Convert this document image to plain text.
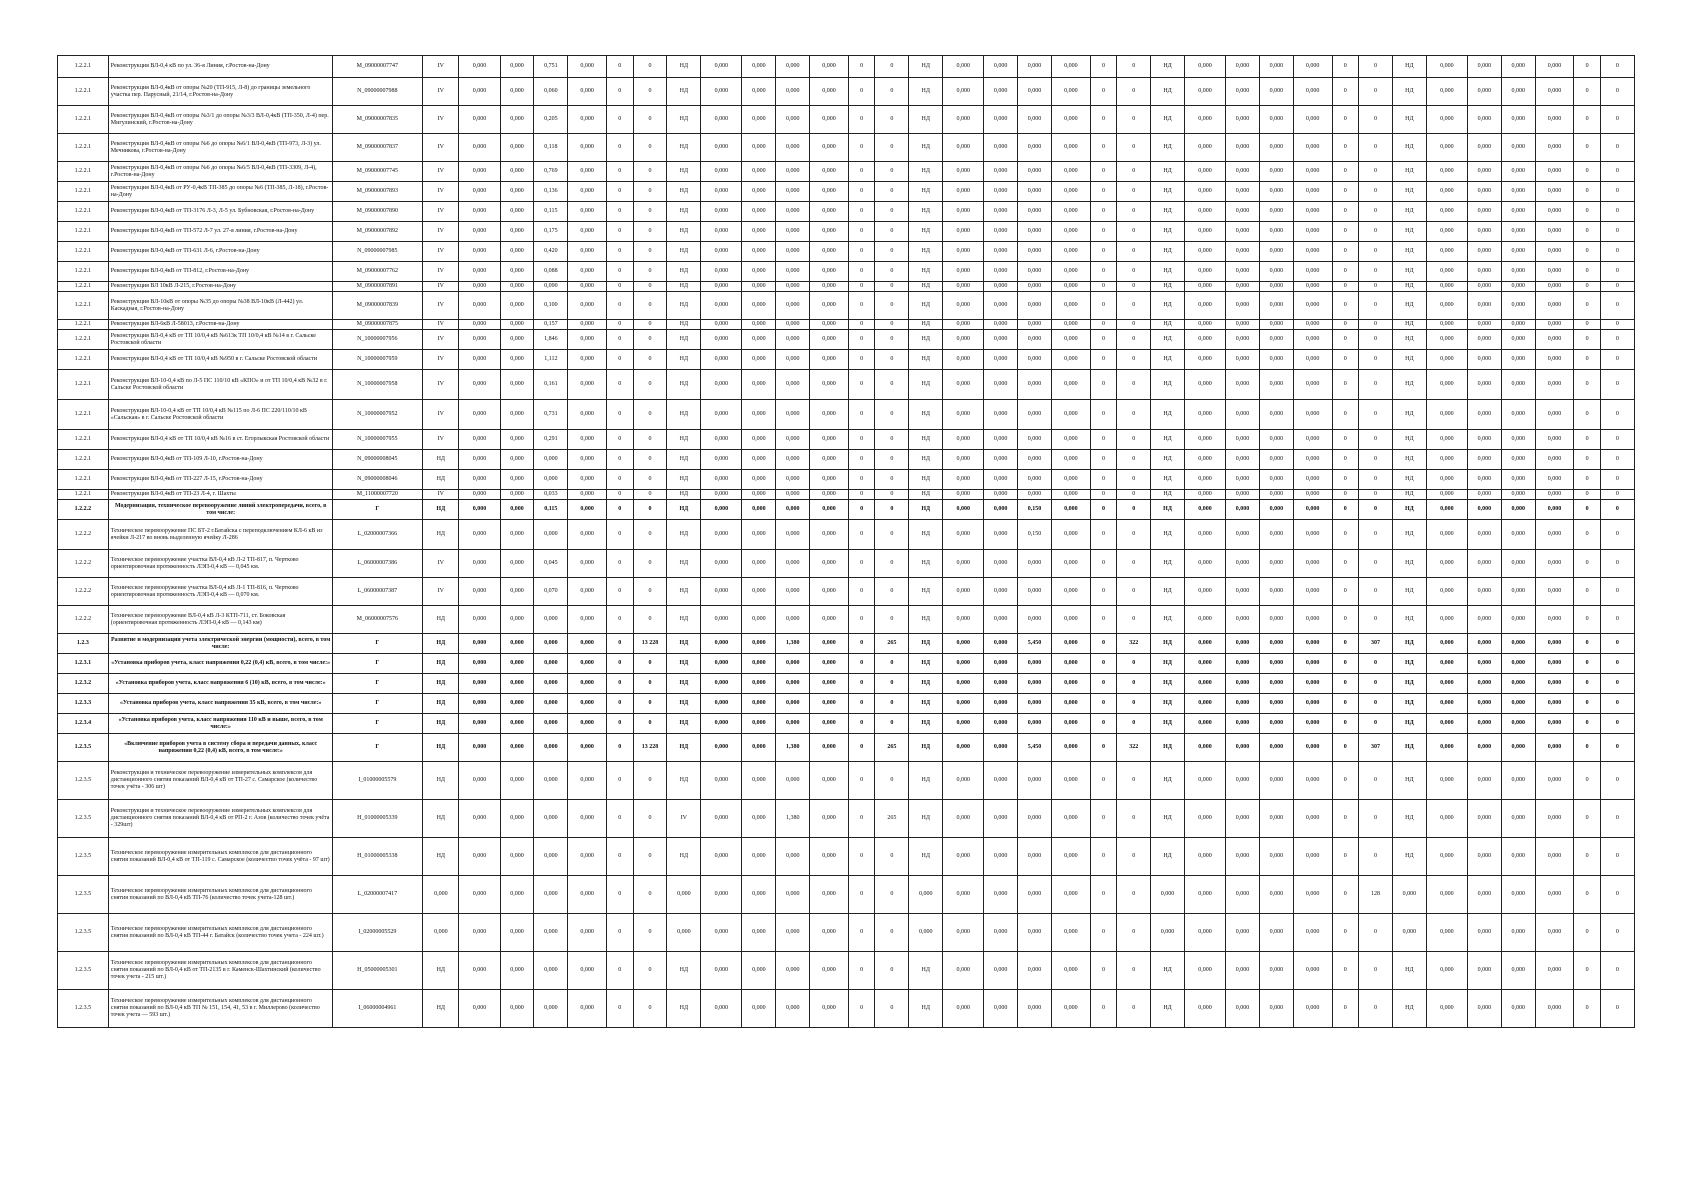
1.2.2.1	Реконструкция ВЛ-0,4 кВ по ул. 36-я Линия, г.Ростов-на-Дону	M_09000007747	IV	0,000	0,000	0,751	0,000	0	0	НД	0,000	0,000	0,000	0,000	0	0	НД	0,000	0,000	0,000	0,000	0	0	НД	0,000	0,000	0,000	0,000	0	0	НД	0,000	0,000	0,000	0,000	0	0
1.2.2.1	Реконструкция ВЛ-0,4кВ от опоры №20 (ТП-915, Л-8) до границы земельного участка пер. Парусный, 21/14, г.Ростов-на-Дону	N_09000007988	IV	0,000	0,000	0,060	0,000	0	0	НД	0,000	0,000	0,000	0,000	0	0	НД	0,000	0,000	0,000	0,000	0	0	НД	0,000	0,000	0,000	0,000	0	0	НД	0,000	0,000	0,000	0,000	0	0
1.2.2.1	Реконструкция ВЛ-0,4кВ от опоры №3/1 до опоры №3/3 ВЛ-0,4кВ (ТП-350, Л-4) пер. Мигулинский, г.Ростов-на-Дону	M_09000007835	IV	0,000	0,000	0,205	0,000	0	0	НД	0,000	0,000	0,000	0,000	0	0	НД	0,000	0,000	0,000	0,000	0	0	НД	0,000	0,000	0,000	0,000	0	0	НД	0,000	0,000	0,000	0,000	0	0
1.2.2.1	Реконструкция ВЛ-0,4кВ от опоры №6 до опоры №6/1 ВЛ-0,4кВ (ТП-973, Л-3) ул. Мечникова, г.Ростов-на-Дону	M_09000007837	IV	0,000	0,000	0,118	0,000	0	0	НД	0,000	0,000	0,000	0,000	0	0	НД	0,000	0,000	0,000	0,000	0	0	НД	0,000	0,000	0,000	0,000	0	0	НД	0,000	0,000	0,000	0,000	0	0
1.2.2.1	Реконструкция ВЛ-0,4кВ от опоры №6 до опоры №6/5 ВЛ-0,4кВ (ТП-3309, Л-4), г.Ростов-на-Дону	M_09000007745	IV	0,000	0,000	0,769	0,000	0	0	НД	0,000	0,000	0,000	0,000	0	0	НД	0,000	0,000	0,000	0,000	0	0	НД	0,000	0,000	0,000	0,000	0	0	НД	0,000	0,000	0,000	0,000	0	0
1.2.2.1	Реконструкция ВЛ-0,4кВ от РУ-0,4кВ ТП-385 до опоры №6 (ТП-385, Л-18), г.Ростов-на-Дону	M_09000007893	IV	0,000	0,000	0,136	0,000	0	0	НД	0,000	0,000	0,000	0,000	0	0	НД	0,000	0,000	0,000	0,000	0	0	НД	0,000	0,000	0,000	0,000	0	0	НД	0,000	0,000	0,000	0,000	0	0
1.2.2.1	Реконструкция ВЛ-0,4кВ от ТП-3176 Л-3, Л-5 ул. Бубновская, г.Ростов-на-Дону	M_09000007890	IV	0,000	0,000	0,115	0,000	0	0	НД	0,000	0,000	0,000	0,000	0	0	НД	0,000	0,000	0,000	0,000	0	0	НД	0,000	0,000	0,000	0,000	0	0	НД	0,000	0,000	0,000	0,000	0	0
1.2.2.1	Реконструкция ВЛ-0,4кВ от ТП-572 Л-7 ул. 27-я линия, г.Ростов-на-Дону	M_09000007892	IV	0,000	0,000	0,175	0,000	0	0	НД	0,000	0,000	0,000	0,000	0	0	НД	0,000	0,000	0,000	0,000	0	0	НД	0,000	0,000	0,000	0,000	0	0	НД	0,000	0,000	0,000	0,000	0	0
1.2.2.1	Реконструкция ВЛ-0,4кВ от ТП-631 Л-6, г.Ростов-на-Дону	N_09000007985	IV	0,000	0,000	0,420	0,000	0	0	НД	0,000	0,000	0,000	0,000	0	0	НД	0,000	0,000	0,000	0,000	0	0	НД	0,000	0,000	0,000	0,000	0	0	НД	0,000	0,000	0,000	0,000	0	0
1.2.2.1	Реконструкция ВЛ-0,4кВ от ТП-812, г.Ростов-на-Дону	M_09000007762	IV	0,000	0,000	0,088	0,000	0	0	НД	0,000	0,000	0,000	0,000	0	0	НД	0,000	0,000	0,000	0,000	0	0	НД	0,000	0,000	0,000	0,000	0	0	НД	0,000	0,000	0,000	0,000	0	0
1.2.2.1	Реконструкция ВЛ 10кВ Л-215, г.Ростов-на-Дону	M_09000007891	IV	0,000	0,000	0,090	0,000	0	0	НД	0,000	0,000	0,000	0,000	0	0	НД	0,000	0,000	0,000	0,000	0	0	НД	0,000	0,000	0,000	0,000	0	0	НД	0,000	0,000	0,000	0,000	0	0
1.2.2.1	Реконструкция ВЛ-10кВ от опоры №35 до опоры №38 ВЛ-10кВ (Л-442) ул. Каскадная, г.Ростов-на-Дону	M_09000007839	IV	0,000	0,000	0,100	0,000	0	0	НД	0,000	0,000	0,000	0,000	0	0	НД	0,000	0,000	0,000	0,000	0	0	НД	0,000	0,000	0,000	0,000	0	0	НД	0,000	0,000	0,000	0,000	0	0
1.2.2.1	Реконструкция ВЛ-6кВ Л-58013, г.Ростов-на-Дону	M_09000007875	IV	0,000	0,000	0,157	0,000	0	0	НД	0,000	0,000	0,000	0,000	0	0	НД	0,000	0,000	0,000	0,000	0	0	НД	0,000	0,000	0,000	0,000	0	0	НД	0,000	0,000	0,000	0,000	0	0
1.2.2.1	Реконструкция ВЛ-0,4 кВ от ТП 10/0,4 кВ №613к ТП 10/0,4 кВ №14 в г. Сальске Ростовской области	N_10000007956	IV	0,000	0,000	1,846	0,000	0	0	НД	0,000	0,000	0,000	0,000	0	0	НД	0,000	0,000	0,000	0,000	0	0	НД	0,000	0,000	0,000	0,000	0	0	НД	0,000	0,000	0,000	0,000	0	0
1.2.2.1	Реконструкция ВЛ-0,4 кВ от ТП 10/0,4 кВ №950 в г. Сальске Ростовской области	N_10000007959	IV	0,000	0,000	1,112	0,000	0	0	НД	0,000	0,000	0,000	0,000	0	0	НД	0,000	0,000	0,000	0,000	0	0	НД	0,000	0,000	0,000	0,000	0	0	НД	0,000	0,000	0,000	0,000	0	0
1.2.2.1	Реконструкция ВЛ-10-0,4 кВ по Л-5 ПС 110/10 кВ «КПО» и от ТП 10/0,4 кВ №32 в г. Сальске Ростовской области	N_10000007958	IV	0,000	0,000	0,161	0,000	0	0	НД	0,000	0,000	0,000	0,000	0	0	НД	0,000	0,000	0,000	0,000	0	0	НД	0,000	0,000	0,000	0,000	0	0	НД	0,000	0,000	0,000	0,000	0	0
1.2.2.1	Реконструкция ВЛ-10-0,4 кВ от ТП 10/0,4 кВ №115 по Л-6 ПС 220/110/10 кВ «Сальская» в г. Сальске Ростовской области	N_10000007952	IV	0,000	0,000	0,731	0,000	0	0	НД	0,000	0,000	0,000	0,000	0	0	НД	0,000	0,000	0,000	0,000	0	0	НД	0,000	0,000	0,000	0,000	0	0	НД	0,000	0,000	0,000	0,000	0	0
1.2.2.1	Реконструкция ВЛ-0,4 кВ от ТП 10/0,4 кВ №16 в ст. Егорлыкская Ростовской области	N_10000007955	IV	0,000	0,000	0,291	0,000	0	0	НД	0,000	0,000	0,000	0,000	0	0	НД	0,000	0,000	0,000	0,000	0	0	НД	0,000	0,000	0,000	0,000	0	0	НД	0,000	0,000	0,000	0,000	0	0
1.2.2.1	Реконструкция ВЛ-0,4кВ от ТП-109 Л-10, г.Ростов-на-Дону	N_09000008045	НД	0,000	0,000	0,000	0,000	0	0	НД	0,000	0,000	0,000	0,000	0	0	НД	0,000	0,000	0,000	0,000	0	0	НД	0,000	0,000	0,000	0,000	0	0	НД	0,000	0,000	0,000	0,000	0	0
1.2.2.1	Реконструкция ВЛ-0,4кВ от ТП-227 Л-15, г.Ростов-на-Дону	N_09000008046	НД	0,000	0,000	0,000	0,000	0	0	НД	0,000	0,000	0,000	0,000	0	0	НД	0,000	0,000	0,000	0,000	0	0	НД	0,000	0,000	0,000	0,000	0	0	НД	0,000	0,000	0,000	0,000	0	0
1.2.2.1	Реконструкция ВЛ-0,4кВ от ТП-23 Л-4, г. Шахты	M_11000007720	IV	0,000	0,000	0,033	0,000	0	0	НД	0,000	0,000	0,000	0,000	0	0	НД	0,000	0,000	0,000	0,000	0	0	НД	0,000	0,000	0,000	0,000	0	0	НД	0,000	0,000	0,000	0,000	0	0
1.2.2.2	Модернизация, техническое перевооружение линий электропередачи, всего, в том числе:	Г	НД	0,000	0,000	0,115	0,000	0	0	НД	0,000	0,000	0,000	0,000	0	0	НД	0,000	0,000	0,150	0,000	0	0	НД	0,000	0,000	0,000	0,000	0	0	НД	0,000	0,000	0,000	0,000	0	0
1.2.2.2	Техническое перевооружение ПС БТ-2 г.Батайска с переподключением КЛ-6 кВ из ячейки Л-217 во вновь выделенную ячейку Л-286	L_02000007366	НД	0,000	0,000	0,000	0,000	0	0	НД	0,000	0,000	0,000	0,000	0	0	НД	0,000	0,000	0,150	0,000	0	0	НД	0,000	0,000	0,000	0,000	0	0	НД	0,000	0,000	0,000	0,000	0	0
1.2.2.2	Техническое перевооружение участка ВЛ-0,4 кВ Л-2 ТП-817, п. Чертково ориентировочная протяженность ЛЭП-0,4 кВ — 0,045 км.	L_06000007386	IV	0,000	0,000	0,045	0,000	0	0	НД	0,000	0,000	0,000	0,000	0	0	НД	0,000	0,000	0,000	0,000	0	0	НД	0,000	0,000	0,000	0,000	0	0	НД	0,000	0,000	0,000	0,000	0	0
1.2.2.2	Техническое перевооружение участка ВЛ-0,4 кВ Л-1 ТП-816, п. Чертково ориентировочная протяженность ЛЭП-0,4 кВ — 0,070 км.	L_06000007387	IV	0,000	0,000	0,070	0,000	0	0	НД	0,000	0,000	0,000	0,000	0	0	НД	0,000	0,000	0,000	0,000	0	0	НД	0,000	0,000	0,000	0,000	0	0	НД	0,000	0,000	0,000	0,000	0	0
1.2.2.2	Техническое перевооружение ВЛ-0,4 кВ Л-3 КТП-711, ст. Боковская (ориентировочная протяженность ЛЭП-0,4 кВ — 0,143 км)	M_06000007576	НД	0,000	0,000	0,000	0,000	0	0	НД	0,000	0,000	0,000	0,000	0	0	НД	0,000	0,000	0,000	0,000	0	0	НД	0,000	0,000	0,000	0,000	0	0	НД	0,000	0,000	0,000	0,000	0	0
1.2.3	Развитие и модернизация учета электрической энергии (мощности), всего, в том числе:	Г	НД	0,000	0,000	0,000	0,000	0	13 228	НД	0,000	0,000	1,380	0,000	0	265	НД	0,000	0,000	5,450	0,000	0	322	НД	0,000	0,000	0,000	0,000	0	307	НД	0,000	0,000	0,000	0,000	0	0
1.2.3.1	«Установка приборов учета, класс напряжения 0,22 (0,4) кВ, всего, в том числе:»	Г	НД	0,000	0,000	0,000	0,000	0	0	НД	0,000	0,000	0,000	0,000	0	0	НД	0,000	0,000	0,000	0,000	0	0	НД	0,000	0,000	0,000	0,000	0	0	НД	0,000	0,000	0,000	0,000	0	0
1.2.3.2	«Установка приборов учета, класс напряжения 6 (10) кВ, всего, в том числе:»	Г	НД	0,000	0,000	0,000	0,000	0	0	НД	0,000	0,000	0,000	0,000	0	0	НД	0,000	0,000	0,000	0,000	0	0	НД	0,000	0,000	0,000	0,000	0	0	НД	0,000	0,000	0,000	0,000	0	0
1.2.3.3	«Установка приборов учета, класс напряжения 35 кВ, всего, в том числе:»	Г	НД	0,000	0,000	0,000	0,000	0	0	НД	0,000	0,000	0,000	0,000	0	0	НД	0,000	0,000	0,000	0,000	0	0	НД	0,000	0,000	0,000	0,000	0	0	НД	0,000	0,000	0,000	0,000	0	0
1.2.3.4	«Установка приборов учета, класс напряжения 110 кВ и выше, всего, в том числе:»	Г	НД	0,000	0,000	0,000	0,000	0	0	НД	0,000	0,000	0,000	0,000	0	0	НД	0,000	0,000	0,000	0,000	0	0	НД	0,000	0,000	0,000	0,000	0	0	НД	0,000	0,000	0,000	0,000	0	0
1.2.3.5	«Включение приборов учета в систему сбора и передачи данных, класс напряжения 0,22 (0,4) кВ, всего, в том числе:»	Г	НД	0,000	0,000	0,000	0,000	0	13 228	НД	0,000	0,000	1,380	0,000	0	265	НД	0,000	0,000	5,450	0,000	0	322	НД	0,000	0,000	0,000	0,000	0	307	НД	0,000	0,000	0,000	0,000	0	0
1.2.3.5	Реконструкция и техническое перевооружение измерительных комплексов для дистанционного снятия показаний ВЛ-0,4 кВ от ТП-27 с. Самарское (количество точек учёта - 306 шт)	I_01000005579	НД	0,000	0,000	0,000	0,000	0	0	НД	0,000	0,000	0,000	0,000	0	0	НД	0,000	0,000	0,000	0,000	0	0	НД	0,000	0,000	0,000	0,000	0	0	НД	0,000	0,000	0,000	0,000	0	0
1.2.3.5	Реконструкция и техническое перевооружение измерительных комплексов для дистанционного снятия показаний ВЛ-0,4 кВ от РП-2 г. Азов (количество точек учёта - 329шт)	H_01000005339	НД	0,000	0,000	0,000	0,000	0	0	IV	0,000	0,000	1,380	0,000	0	265	НД	0,000	0,000	0,000	0,000	0	0	НД	0,000	0,000	0,000	0,000	0	0	НД	0,000	0,000	0,000	0,000	0	0
1.2.3.5	Техническое перевооружение измерительных комплексов для дистанционного снятия показаний ВЛ-0,4 кВ от ТП-119 с. Самарское (количество точек учёта - 97 шт)	H_01000005338	НД	0,000	0,000	0,000	0,000	0	0	НД	0,000	0,000	0,000	0,000	0	0	НД	0,000	0,000	0,000	0,000	0	0	НД	0,000	0,000	0,000	0,000	0	0	НД	0,000	0,000	0,000	0,000	0	0
1.2.3.5	Техническое перевооружение измерительных комплексов для дистанционного снятия показаний по ВЛ-0,4 кВ ТП-76 (количество точек учета-128 шт.)	L_02000007417	0,000	0,000	0,000	0,000	0,000	0	0	0,000	0,000	0,000	0,000	0,000	0	0	0,000	0,000	0,000	0,000	0,000	0	0	0,000	0,000	0,000	0,000	0,000	0	128	0,000	0,000	0,000	0,000	0,000	0	0
1.2.3.5	Техническое перевооружение измерительных комплексов для дистанционного снятия показаний по ВЛ-0,4 кВ ТП-44 г. Батайск (количество точек учета - 224 шт.)	I_02000005529	0,000	0,000	0,000	0,000	0,000	0	0	0,000	0,000	0,000	0,000	0,000	0	0	0,000	0,000	0,000	0,000	0,000	0	0	0,000	0,000	0,000	0,000	0,000	0	0	0,000	0,000	0,000	0,000	0,000	0	0
1.2.3.5	Техническое перевооружение измерительных комплексов для дистанционного снятия показаний по ВЛ-0,4 кВ от ТП-2135 в г. Каменск-Шахтинский (количество точек учета - 215 шт.)	H_05000005301	НД	0,000	0,000	0,000	0,000	0	0	НД	0,000	0,000	0,000	0,000	0	0	НД	0,000	0,000	0,000	0,000	0	0	НД	0,000	0,000	0,000	0,000	0	0	НД	0,000	0,000	0,000	0,000	0	0
1.2.3.5	Техническое перевооружение измерительных комплексов для дистанционного снятия показаний по ВЛ-0,4 кВ ТП № 151, 154, 41, 53 в г. Миллерово (количество точек учета — 593 шт.)	I_06000004961	НД	0,000	0,000	0,000	0,000	0	0	НД	0,000	0,000	0,000	0,000	0	0	НД	0,000	0,000	0,000	0,000	0	0	НД	0,000	0,000	0,000	0,000	0	0	НД	0,000	0,000	0,000	0,000	0	0
